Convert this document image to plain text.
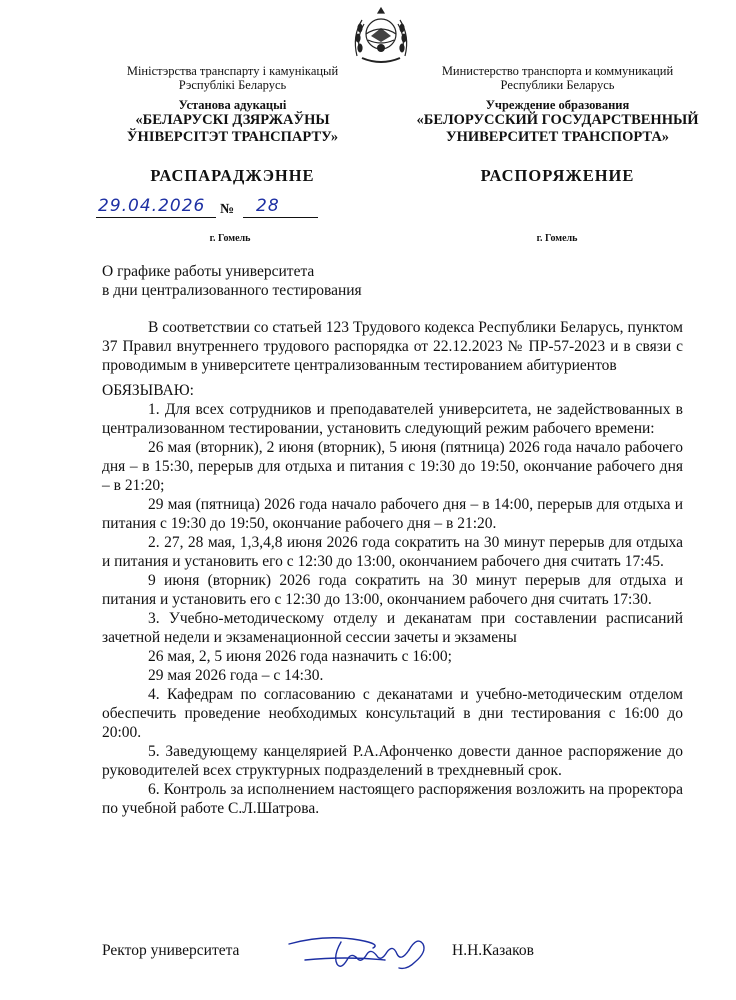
Міністэрства транспарту і камунікацый
Рэспублікі Беларусь
Установа адукацыі
«БЕЛАРУСКІ ДЗЯРЖАЎНЫ
ЎНІВЕРСІТЭТ ТРАНСПАРТУ»
РАСПАРАДЖЭННЕ
Министерство транспорта и коммуникаций
Республики Беларусь
Учреждение образования
«БЕЛОРУССКИЙ ГОСУДАРСТВЕННЫЙ
УНИВЕРСИТЕТ ТРАНСПОРТА»
РАСПОРЯЖЕНИЕ
29.04.2026 № 28
г. Гомель	г. Гомель
О графике работы университета
в дни централизованного тестирования

В соответствии со статьей 123 Трудового кодекса Республики Беларусь, пунктом 37 Правил внутреннего трудового распорядка от 22.12.2023 № ПР-57-2023 и в связи с проводимым в университете централизованным тестированием абитуриентов

ОБЯЗЫВАЮ:

1. Для всех сотрудников и преподавателей университета, не задействованных в централизованном тестировании, установить следующий режим рабочего времени:

26 мая (вторник), 2 июня (вторник), 5 июня (пятница) 2026 года начало рабочего дня – в 15:30, перерыв для отдыха и питания с 19:30 до 19:50, окончание рабочего дня – в 21:20;

29 мая (пятница) 2026 года начало рабочего дня – в 14:00, перерыв для отдыха и питания с 19:30 до 19:50, окончание рабочего дня – в 21:20.

2. 27, 28 мая, 1,3,4,8 июня 2026 года сократить на 30 минут перерыв для отдыха и питания и установить его с 12:30 до 13:00, окончанием рабочего дня считать 17:45.

9 июня (вторник) 2026 года сократить на 30 минут перерыв для отдыха и питания и установить его с 12:30 до 13:00, окончанием рабочего дня считать 17:30.

3. Учебно-методическому отделу и деканатам при составлении расписаний зачетной недели и экзаменационной сессии зачеты и экзамены

26 мая, 2, 5 июня 2026 года назначить с 16:00;

29 мая 2026 года – с 14:30.

4. Кафедрам по согласованию с деканатами и учебно-методическим отделом обеспечить проведение необходимых консультаций в дни тестирования с 16:00 до 20:00.

5. Заведующему канцелярией Р.А.Афонченко довести данное распоряжение до руководителей всех структурных подразделений в трехдневный срок.

6. Контроль за исполнением настоящего распоряжения возложить на проректора по учебной работе С.Л.Шатрова.

Ректор университета	Н.Н.Казаков
